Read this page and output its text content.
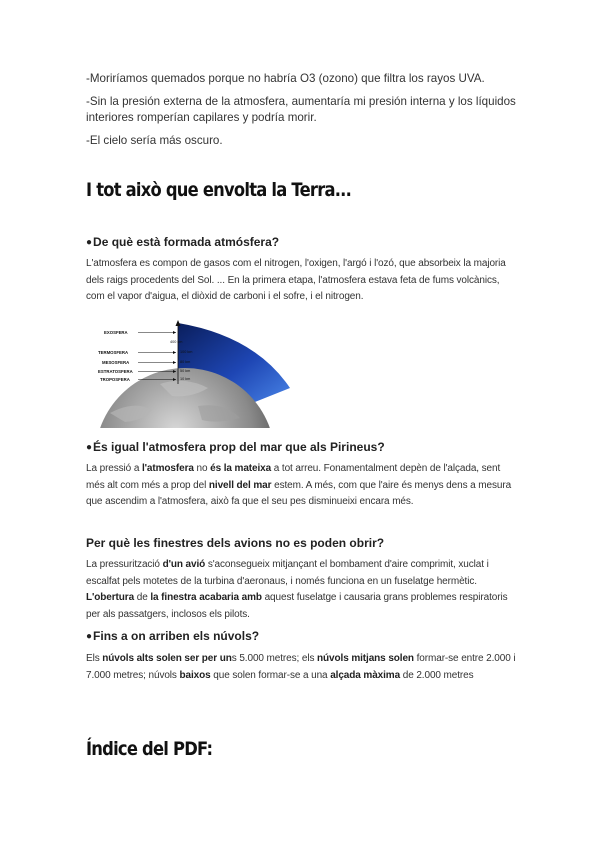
-Moriríamos quemados porque no habría O3 (ozono) que filtra los rayos UVA.
-Sin la presión externa de la atmosfera, aumentaría mi presión interna y los líquidos interiores romperían capilares y podría morir.
-El cielo sería más oscuro.
I tot això que envolta la Terra...
●De què està formada atmósfera?
L'atmosfera es compon de gasos com el nitrogen, l'oxigen, l'argó i l'ozó, que absorbeix la majoria dels raigs procedents del Sol. ... En la primera etapa, l'atmosfera estava feta de fums volcànics, com el vapor d'aigua, el diòxid de carboni i el sofre, i el nitrogen.
EXOSFERA
TERMOSFERA
MESOSFERA
ESTRATOSFERA
TROPOSFERA
400 km
100 km
80 km
50 km
10 km
●És igual l'atmosfera prop del mar que als Pirineus?
La pressió a l'atmosfera no és la mateixa a tot arreu. Fonamentalment depèn de l'alçada, sent més alt com més a prop del nivell del mar estem. A més, com que l'aire és menys dens a mesura que ascendim a l'atmosfera, això fa que el seu pes disminueixi encara més.
Per què les finestres dels avions no es poden obrir?
La pressurització d'un avió s'aconsegueix mitjançant el bombament d'aire comprimit, xuclat i escalfat pels motetes de la turbina d'aeronaus, i només funciona en un fuselatge hermètic. L'obertura de la finestra acabaria amb aquest fuselatge i causaria grans problemes respiratoris per als passatgers, inclosos els pilots.
●Fins a on arriben els núvols?
Els núvols alts solen ser per uns 5.000 metres; els núvols mitjans solen formar-se entre 2.000 i 7.000 metres; núvols baixos que solen formar-se a una alçada màxima de 2.000 metres
Índice del PDF:
